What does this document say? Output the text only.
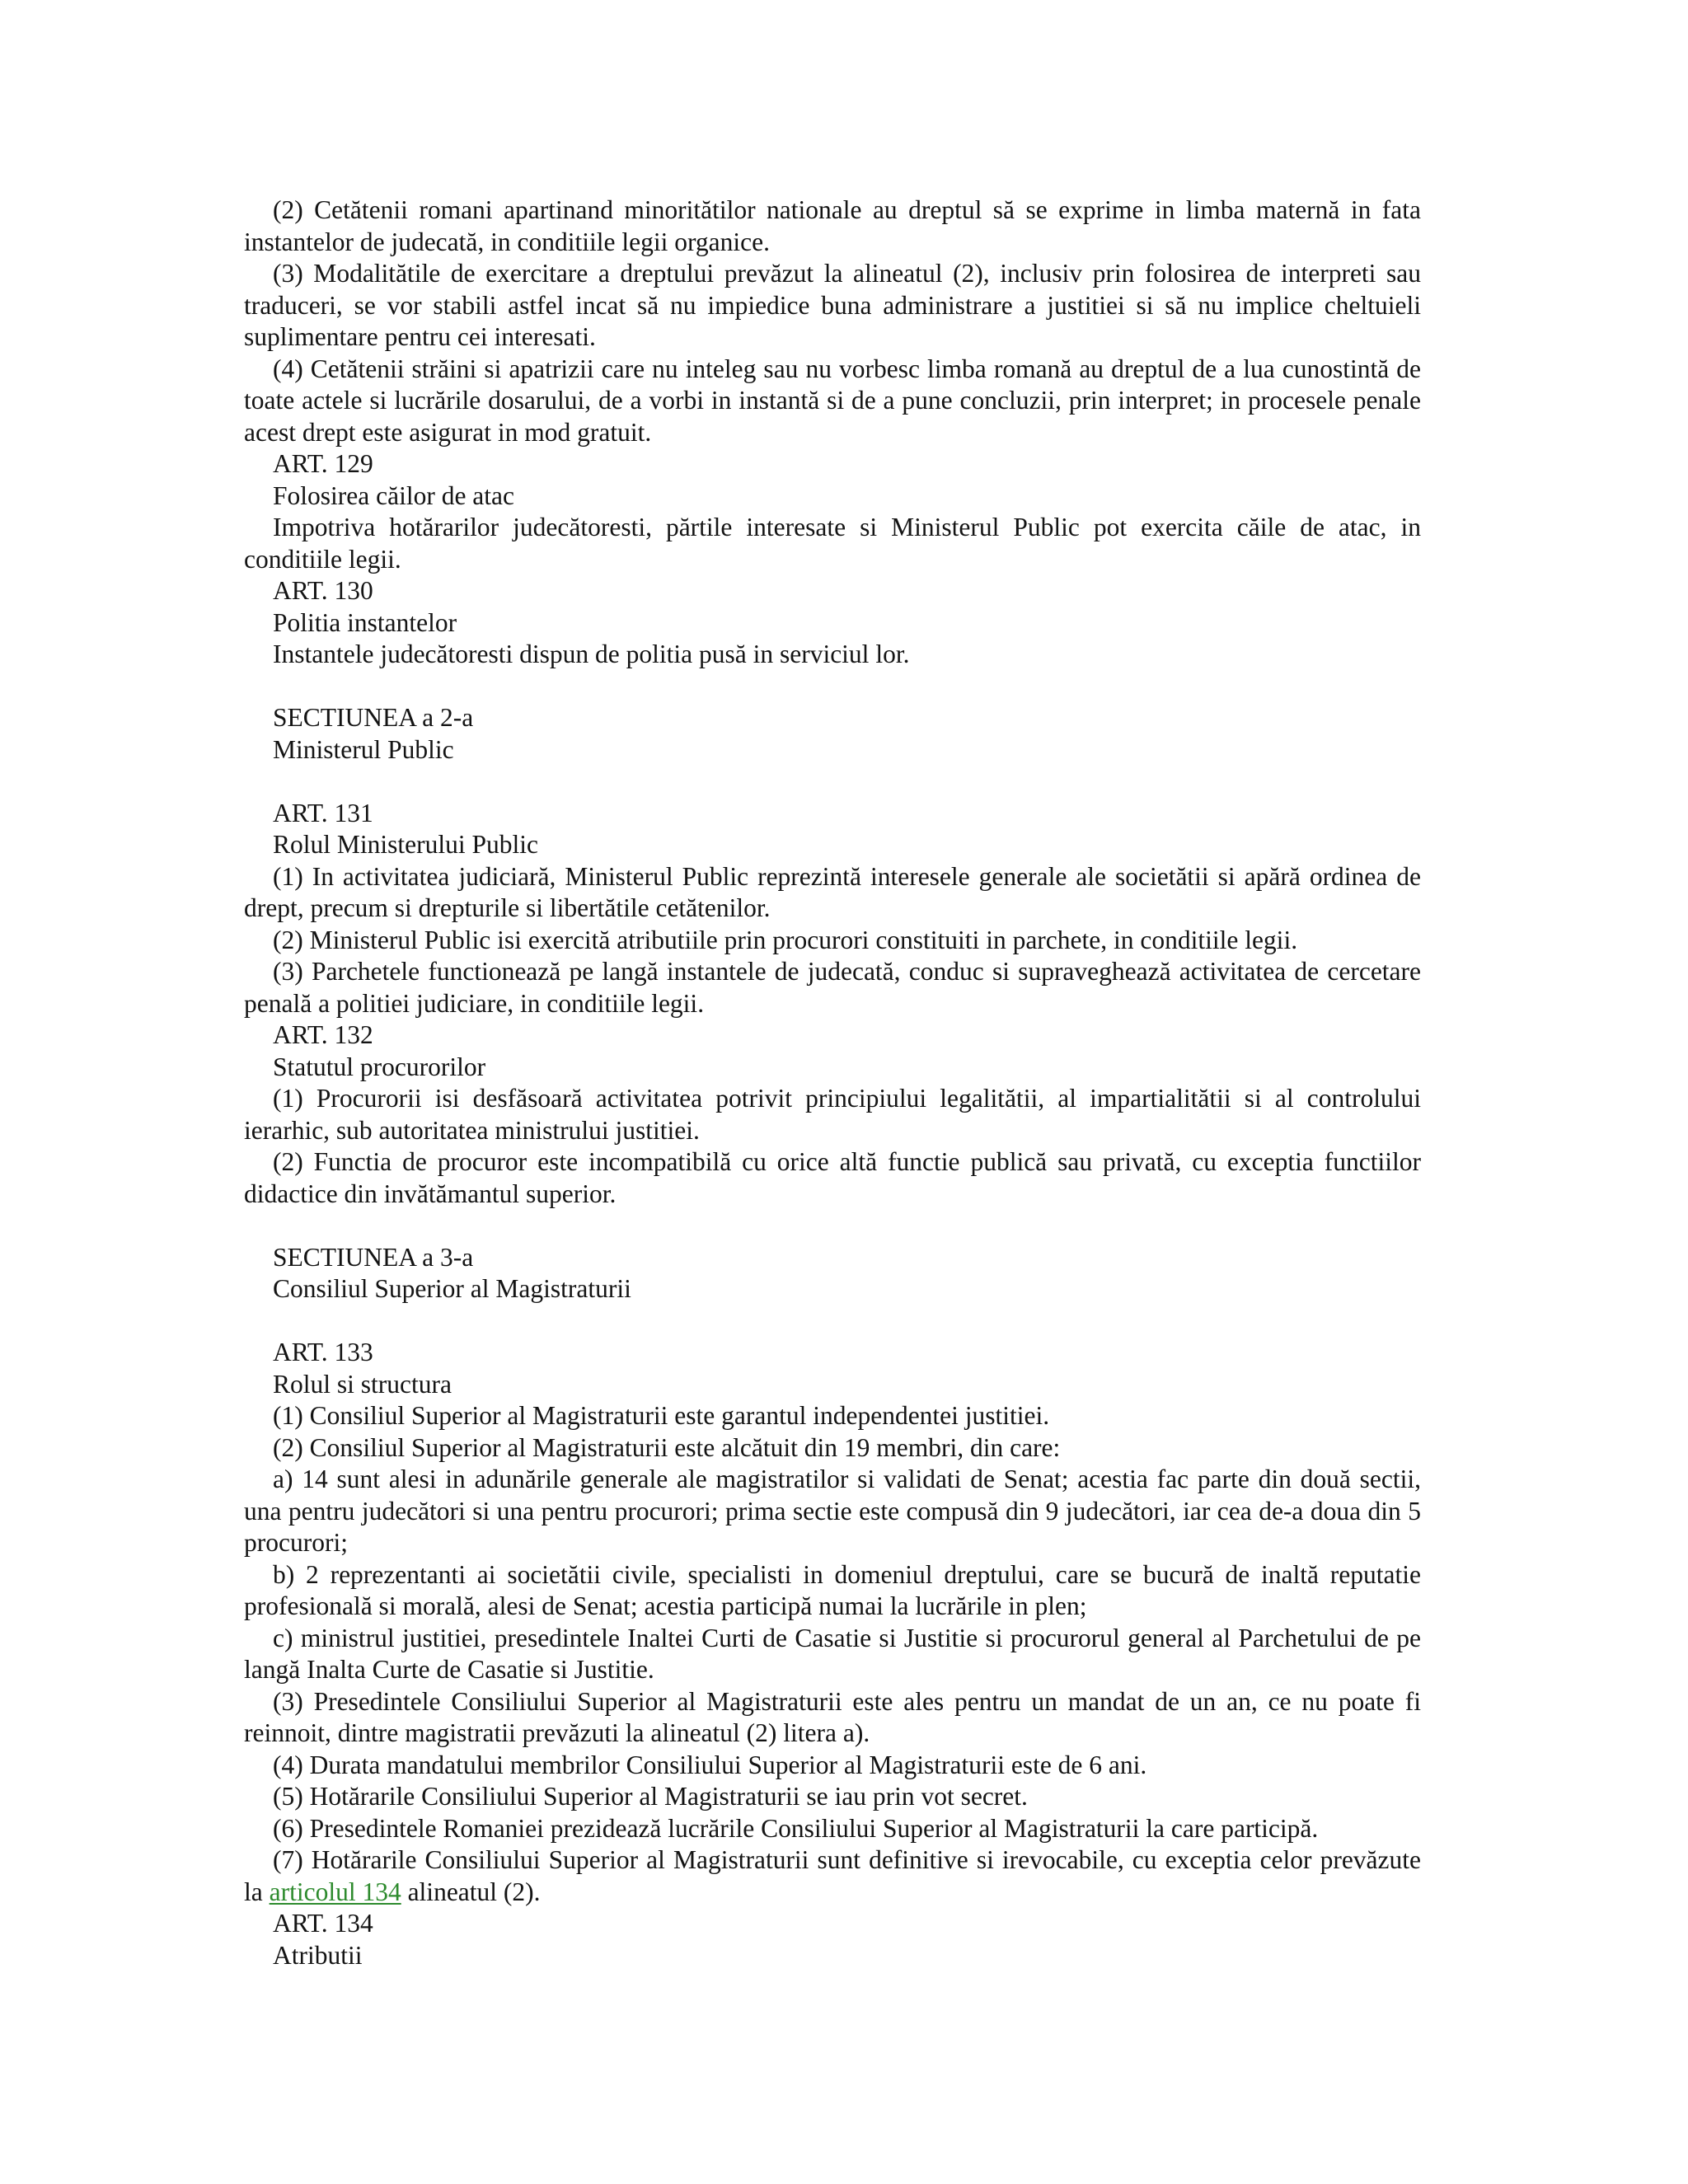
(2) Cetătenii romani apartinand minoritătilor nationale au dreptul să se exprime in limba maternă in fata instantelor de judecată, in conditiile legii organice.

(3) Modalitătile de exercitare a dreptului prevăzut la alineatul (2), inclusiv prin folosirea de interpreti sau traduceri, se vor stabili astfel incat să nu impiedice buna administrare a justitiei si să nu implice cheltuieli suplimentare pentru cei interesati.

(4) Cetătenii străini si apatrizii care nu inteleg sau nu vorbesc limba romană au dreptul de a lua cunostintă de toate actele si lucrările dosarului, de a vorbi in instantă si de a pune concluzii, prin interpret; in procesele penale acest drept este asigurat in mod gratuit.

ART. 129

Folosirea căilor de atac

Impotriva hotărarilor judecătoresti, părtile interesate si Ministerul Public pot exercita căile de atac, in conditiile legii.

ART. 130

Politia instantelor

Instantele judecătoresti dispun de politia pusă in serviciul lor.

SECTIUNEA a 2-a

Ministerul Public

ART. 131

Rolul Ministerului Public

(1) In activitatea judiciară, Ministerul Public reprezintă interesele generale ale societătii si apără ordinea de drept, precum si drepturile si libertătile cetătenilor.

(2) Ministerul Public isi exercită atributiile prin procurori constituiti in parchete, in conditiile legii.

(3) Parchetele functionează pe langă instantele de judecată, conduc si supraveghează activitatea de cercetare penală a politiei judiciare, in conditiile legii.

ART. 132

Statutul procurorilor

(1) Procurorii isi desfăsoară activitatea potrivit principiului legalitătii, al impartialitătii si al controlului ierarhic, sub autoritatea ministrului justitiei.

(2) Functia de procuror este incompatibilă cu orice altă functie publică sau privată, cu exceptia functiilor didactice din invătămantul superior.

SECTIUNEA a 3-a

Consiliul Superior al Magistraturii

ART. 133

Rolul si structura

(1) Consiliul Superior al Magistraturii este garantul independentei justitiei.

(2) Consiliul Superior al Magistraturii este alcătuit din 19 membri, din care:

a) 14 sunt alesi in adunările generale ale magistratilor si validati de Senat; acestia fac parte din două sectii, una pentru judecători si una pentru procurori; prima sectie este compusă din 9 judecători, iar cea de-a doua din 5 procurori;

b) 2 reprezentanti ai societătii civile, specialisti in domeniul dreptului, care se bucură de inaltă reputatie profesională si morală, alesi de Senat; acestia participă numai la lucrările in plen;

c) ministrul justitiei, presedintele Inaltei Curti de Casatie si Justitie si procurorul general al Parchetului de pe langă Inalta Curte de Casatie si Justitie.

(3) Presedintele Consiliului Superior al Magistraturii este ales pentru un mandat de un an, ce nu poate fi reinnoit, dintre magistratii prevăzuti la alineatul (2) litera a).

(4) Durata mandatului membrilor Consiliului Superior al Magistraturii este de 6 ani.

(5) Hotărarile Consiliului Superior al Magistraturii se iau prin vot secret.

(6) Presedintele Romaniei prezidează lucrările Consiliului Superior al Magistraturii la care participă.

(7) Hotărarile Consiliului Superior al Magistraturii sunt definitive si irevocabile, cu exceptia celor prevăzute la articolul 134 alineatul (2).

ART. 134

Atributii
